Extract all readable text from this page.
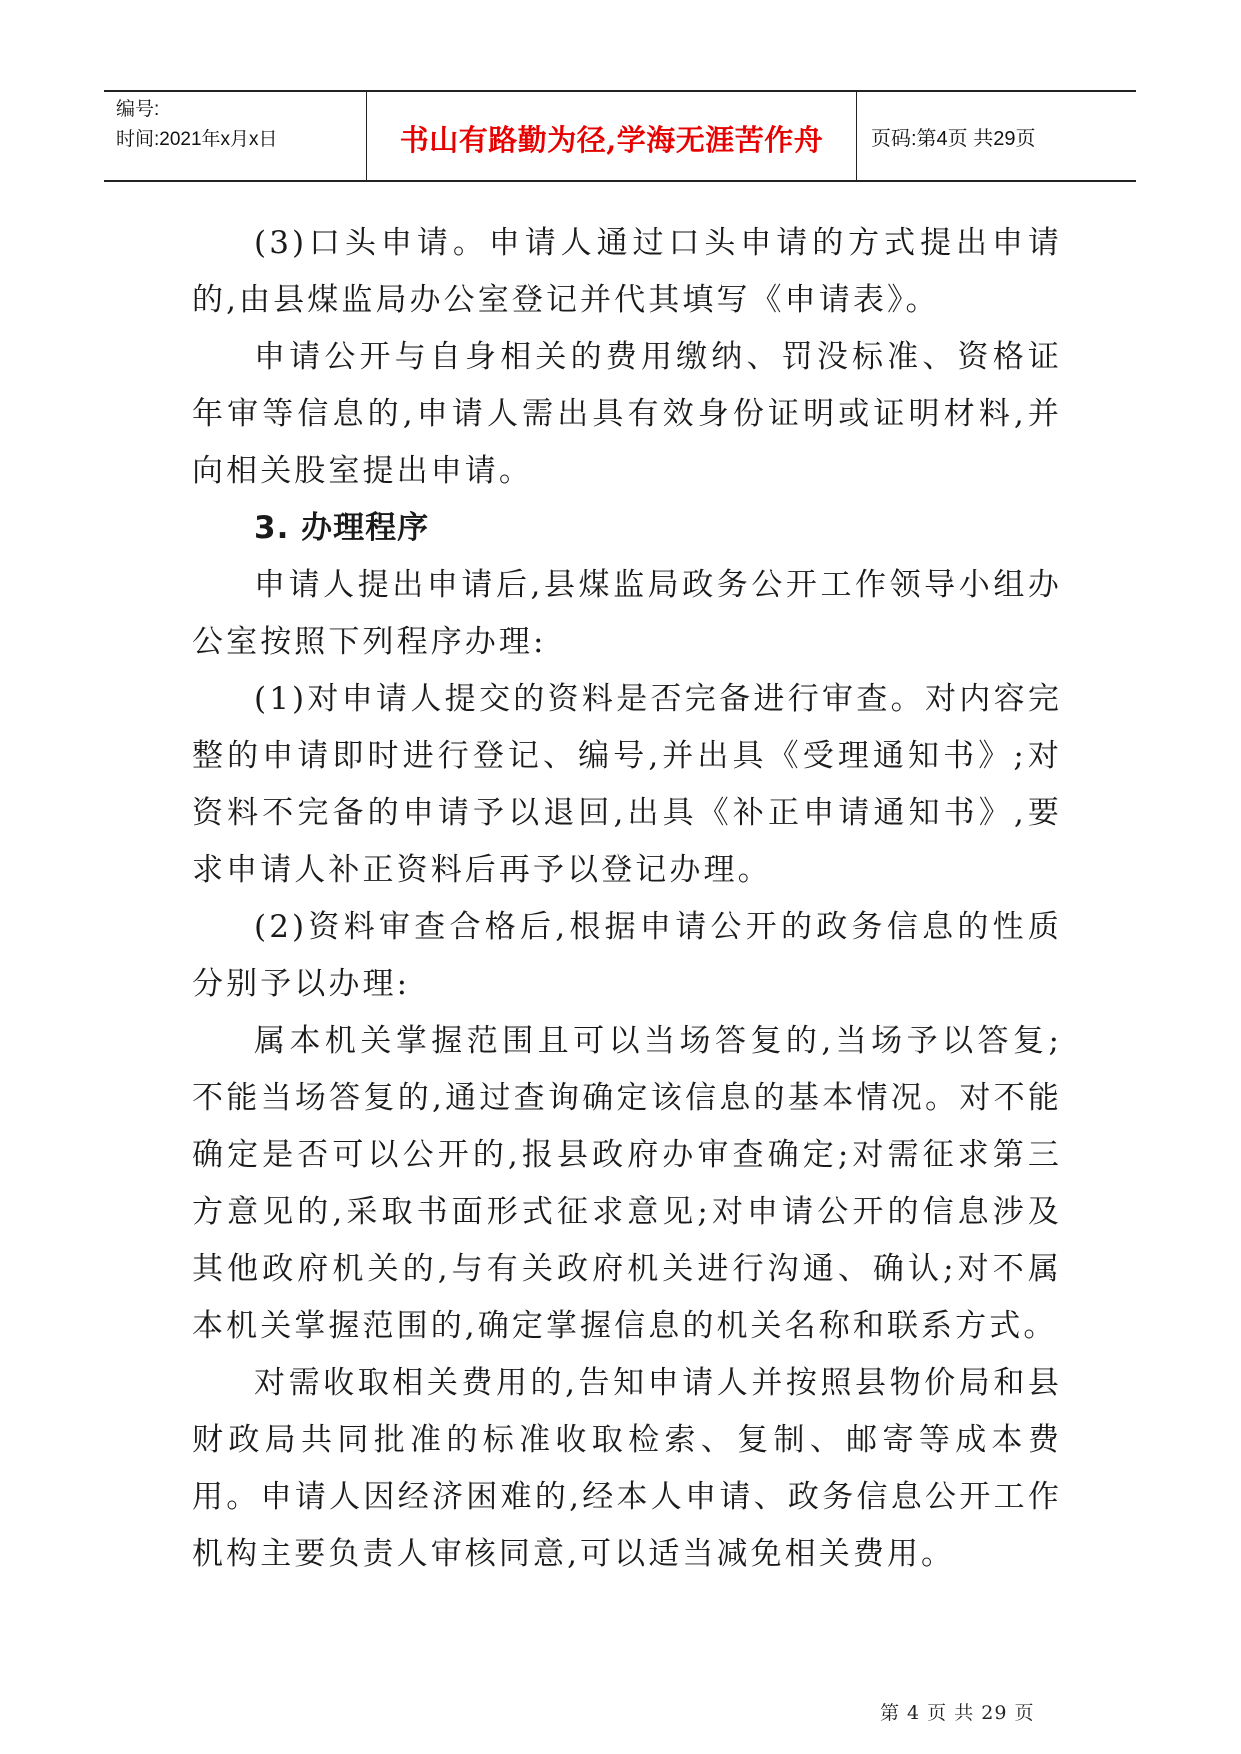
编号:
时间:2021年x月x日	书山有路勤为径,学海无涯苦作舟 页码:第4页 共29页

(3)口头申请。申请人通过口头申请的方式提出申请的,由县煤监局办公室登记并代其填写《申请表》。

申请公开与自身相关的费用缴纳、罚没标准、资格证年审等信息的,申请人需出具有效身份证明或证明材料,并向相关股室提出申请。

3. 办理程序

申请人提出申请后,县煤监局政务公开工作领导小组办公室按照下列程序办理:

(1)对申请人提交的资料是否完备进行审查。对内容完整的申请即时进行登记、编号,并出具《受理通知书》;对资料不完备的申请予以退回,出具《补正申请通知书》,要求申请人补正资料后再予以登记办理。

(2)资料审查合格后,根据申请公开的政务信息的性质分别予以办理:

属本机关掌握范围且可以当场答复的,当场予以答复;不能当场答复的,通过查询确定该信息的基本情况。对不能确定是否可以公开的,报县政府办审查确定;对需征求第三方意见的,采取书面形式征求意见;对申请公开的信息涉及其他政府机关的,与有关政府机关进行沟通、确认;对不属本机关掌握范围的,确定掌握信息的机关名称和联系方式。

对需收取相关费用的,告知申请人并按照县物价局和县财政局共同批准的标准收取检索、复制、邮寄等成本费用。申请人因经济困难的,经本人申请、政务信息公开工作机构主要负责人审核同意,可以适当减免相关费用。

第 4 页 共 29 页
